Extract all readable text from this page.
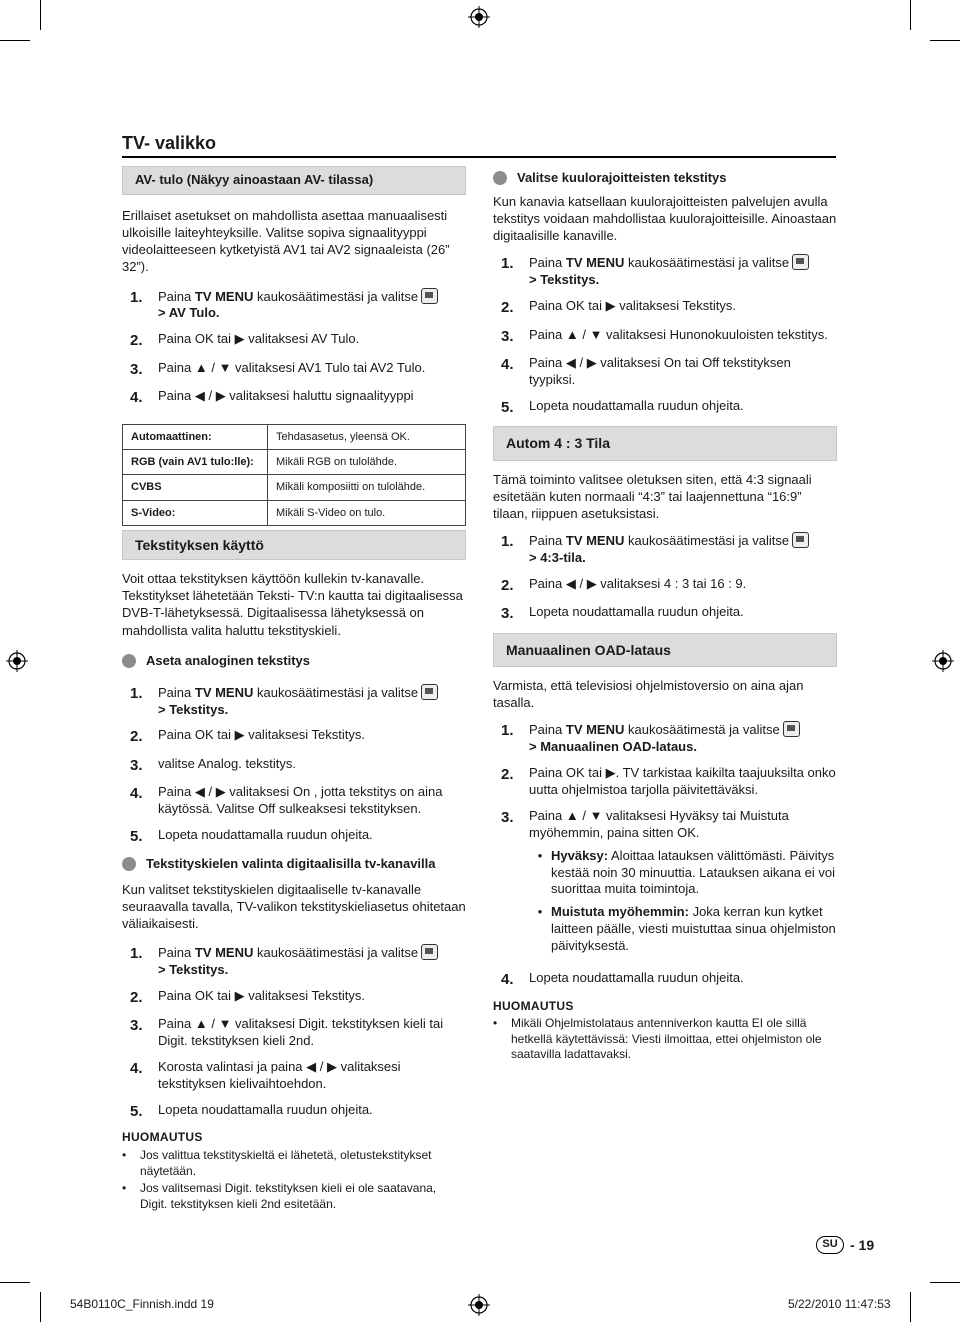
TV- valikko
AV- tulo (Näkyy ainoastaan AV- tilassa)

Erillaiset asetukset on mahdollista asettaa manuaalisesti ulkoisille laiteyhteyksille. Valitse sopiva signaalityyppi videolaitteeseen kytketyistä AV1 tai AV2 signaaleista (26” 32”).

1.	Paina TV MENU kaukosäätimestäsi ja valitse
> AV Tulo.
2.	Paina OK tai ▶ valitaksesi AV Tulo.
3.	Paina ▲ / ▼ valitaksesi AV1 Tulo tai AV2 Tulo.
4.	Paina ◀ / ▶ valitaksesi haluttu signaalityyppi
Automaattinen:	Tehdasasetus, yleensä OK.
RGB (vain AV1 tulo:lle):	Mikäli RGB on tulolähde.
CVBS	Mikäli komposiitti on tulolähde.
S-Video:	Mikäli S-Video on tulo.
Tekstityksen käyttö

Voit ottaa tekstityksen käyttöön kullekin tv-kanavalle. Tekstitykset lähetetään Teksti- TV:n kautta tai digitaalisessa DVB-T-lähetyksessä. Digitaalisessa lähetyksessä on mahdollista valita haluttu tekstityskieli.

Aseta analoginen tekstitys
1.	Paina TV MENU kaukosäätimestäsi ja valitse
> Tekstitys.
2.	Paina OK tai ▶ valitaksesi Tekstitys.
3.	valitse Analog. tekstitys.
4.	Paina ◀ / ▶ valitaksesi On , jotta tekstitys on aina käytössä. Valitse Off sulkeaksesi tekstityksen.
5.	Lopeta noudattamalla ruudun ohjeita.
Tekstityskielen valinta digitaalisilla tv-kanavilla

Kun valitset tekstityskielen digitaaliselle tv-kanavalle seuraavalla tavalla, TV-valikon tekstityskieliasetus ohitetaan väliaikaisesti.

1.	Paina TV MENU kaukosäätimestäsi ja valitse
> Tekstitys.
2.	Paina OK tai ▶ valitaksesi Tekstitys.
3.	Paina ▲ / ▼ valitaksesi Digit. tekstityksen kieli tai Digit. tekstityksen kieli 2nd.
4.	Korosta valintasi ja paina ◀ / ▶ valitaksesi tekstityksen kielivaihtoehdon.
5.	Lopeta noudattamalla ruudun ohjeita.
HUOMAUTUS
•	Jos valittua tekstityskieltä ei lähetetä, oletustekstitykset näytetään.
•	Jos valitsemasi Digit. tekstityksen kieli ei ole saatavana, Digit. tekstityksen kieli 2nd esitetään.
Valitse kuulorajoitteisten tekstitys

Kun kanavia katsellaan kuulorajoitteisten palvelujen avulla tekstitys voidaan mahdollistaa kuulorajoitteisille. Ainoastaan digitaalisille kanaville.

1.	Paina TV MENU kaukosäätimestäsi ja valitse
> Tekstitys.
2.	Paina OK tai ▶ valitaksesi Tekstitys.
3.	Paina ▲ / ▼ valitaksesi Hunonokuuloisten tekstitys.
4.	Paina ◀ / ▶ valitaksesi On tai Off tekstityksen tyypiksi.
5.	Lopeta noudattamalla ruudun ohjeita.
Autom 4 : 3 Tila

Tämä toiminto valitsee oletuksen siten, että 4:3 signaali esitetään kuten normaali “4:3” tai laajennettuna “16:9” tilaan, riippuen asetuksistasi.

1.	Paina TV MENU kaukosäätimestäsi ja valitse
> 4:3-tila.
2.	Paina ◀ / ▶ valitaksesi 4 : 3 tai 16 : 9.
3.	Lopeta noudattamalla ruudun ohjeita.
Manuaalinen OAD-lataus

Varmista, että televisiosi ohjelmistoversio on aina ajan tasalla.

1.	Paina TV MENU kaukosäätimestä ja valitse
> Manuaalinen OAD-lataus.
2.	Paina OK tai ▶. TV tarkistaa kaikilta taajuuksilta onko uutta ohjelmistoa tarjolla päivitettäväksi.
3.	Paina ▲ / ▼ valitaksesi Hyväksy tai Muistuta myöhemmin, paina sitten OK.
• Hyväksy: Aloittaa latauksen välittömästi. Päivitys kestää noin 30 minuuttia. Latauksen aikana ei voi suorittaa muita toimintoja.
• Muistuta myöhemmin: Joka kerran kun kytket laitteen päälle, viesti muistuttaa sinua ohjelmiston päivityksestä.
4.	Lopeta noudattamalla ruudun ohjeita.
HUOMAUTUS
•	Mikäli Ohjelmistolataus antenniverkon kautta EI ole sillä hetkellä käytettävissä: Viesti ilmoittaa, ettei ohjelmiston ole saatavilla ladattavaksi.
SU - 19
54B0110C_Finnish.indd 19	5/22/2010 11:47:53
